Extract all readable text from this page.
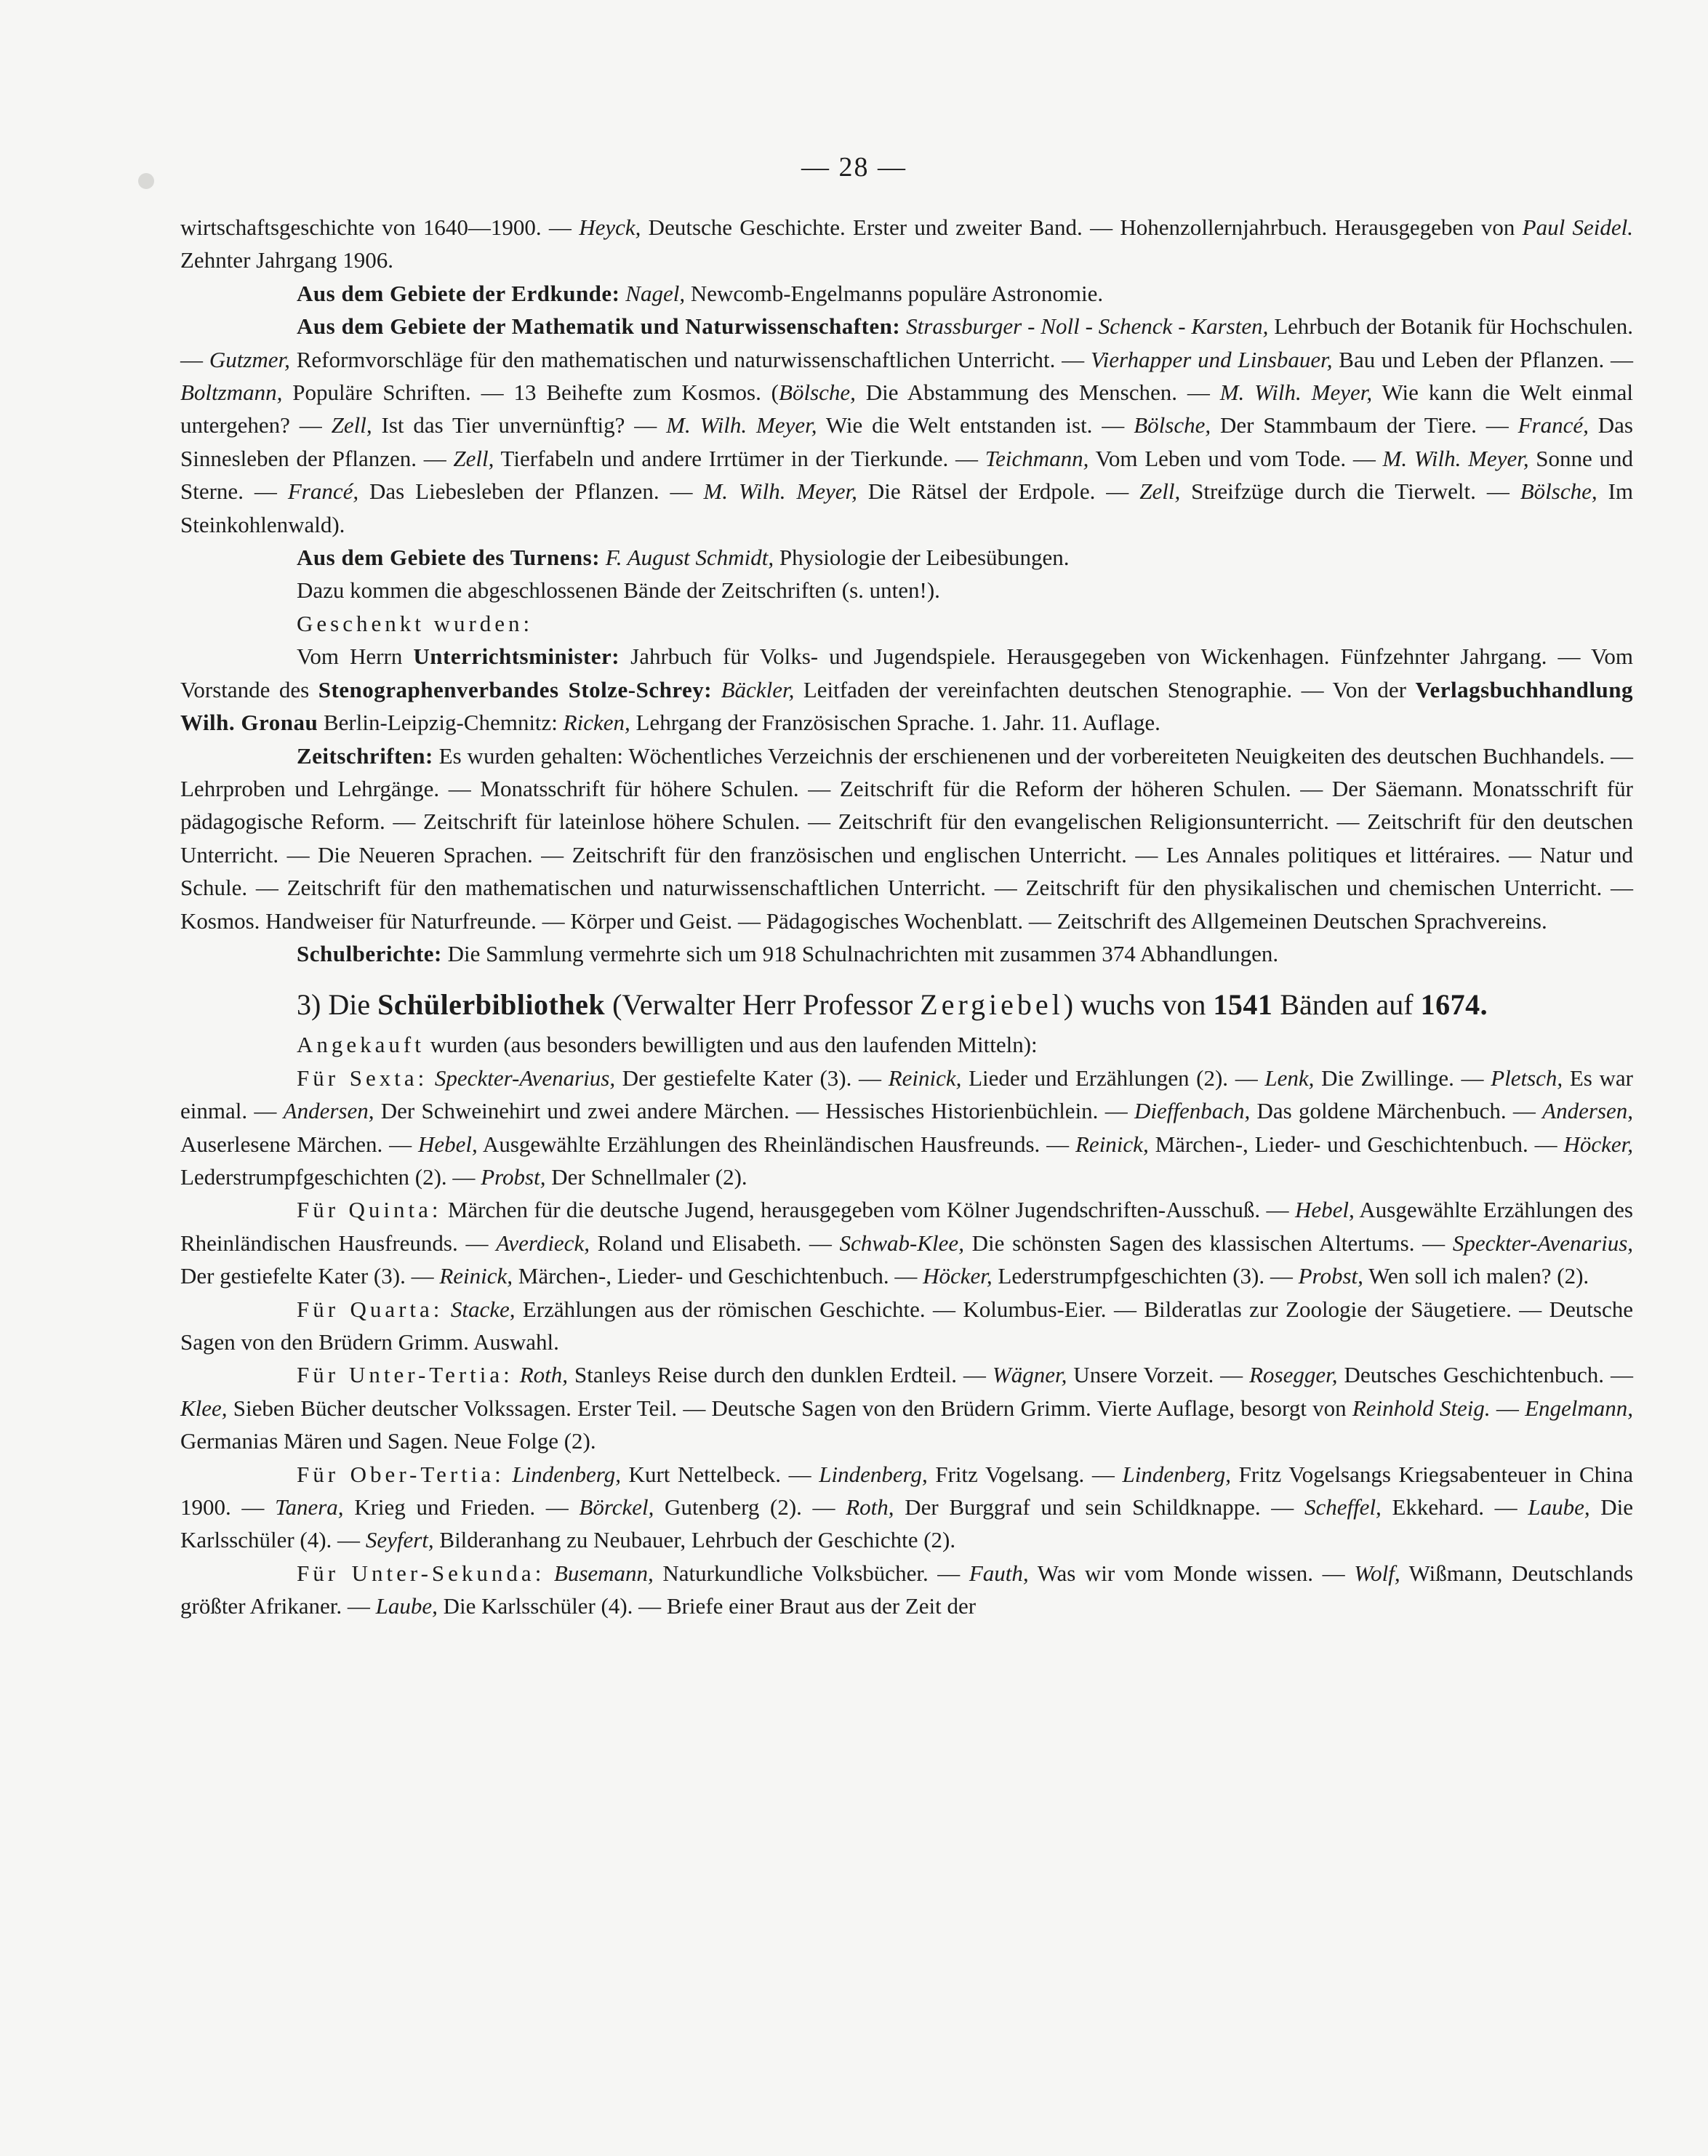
— 28 —

wirtschaftsgeschichte von 1640—1900. — Heyck, Deutsche Geschichte. Erster und zweiter Band. — Hohenzollernjahrbuch. Herausgegeben von Paul Seidel. Zehnter Jahrgang 1906.

Aus dem Gebiete der Erdkunde: Nagel, Newcomb-Engelmanns populäre Astronomie.

Aus dem Gebiete der Mathematik und Naturwissenschaften: Strassburger - Noll - Schenck - Karsten, Lehrbuch der Botanik für Hochschulen. — Gutzmer, Reformvorschläge für den mathematischen und naturwissenschaftlichen Unterricht. — Vierhapper und Linsbauer, Bau und Leben der Pflanzen. — Boltzmann, Populäre Schriften. — 13 Beihefte zum Kosmos. (Bölsche, Die Abstammung des Menschen. — M. Wilh. Meyer, Wie kann die Welt einmal untergehen? — Zell, Ist das Tier unvernünftig? — M. Wilh. Meyer, Wie die Welt entstanden ist. — Bölsche, Der Stammbaum der Tiere. — Francé, Das Sinnesleben der Pflanzen. — Zell, Tierfabeln und andere Irrtümer in der Tierkunde. — Teichmann, Vom Leben und vom Tode. — M. Wilh. Meyer, Sonne und Sterne. — Francé, Das Liebesleben der Pflanzen. — M. Wilh. Meyer, Die Rätsel der Erdpole. — Zell, Streifzüge durch die Tierwelt. — Bölsche, Im Steinkohlenwald).

Aus dem Gebiete des Turnens: F. August Schmidt, Physiologie der Leibesübungen.

Dazu kommen die abgeschlossenen Bände der Zeitschriften (s. unten!).

Geschenkt wurden:

Vom Herrn Unterrichtsminister: Jahrbuch für Volks- und Jugendspiele. Herausgegeben von Wickenhagen. Fünfzehnter Jahrgang. — Vom Vorstande des Stenographenverbandes Stolze-Schrey: Bäckler, Leitfaden der vereinfachten deutschen Stenographie. — Von der Verlagsbuchhandlung Wilh. Gronau Berlin-Leipzig-Chemnitz: Ricken, Lehrgang der Französischen Sprache. 1. Jahr. 11. Auflage.

Zeitschriften: Es wurden gehalten: Wöchentliches Verzeichnis der erschienenen und der vorbereiteten Neuigkeiten des deutschen Buchhandels. — Lehrproben und Lehrgänge. — Monatsschrift für höhere Schulen. — Zeitschrift für die Reform der höheren Schulen. — Der Säemann. Monatsschrift für pädagogische Reform. — Zeitschrift für lateinlose höhere Schulen. — Zeitschrift für den evangelischen Religionsunterricht. — Zeitschrift für den deutschen Unterricht. — Die Neueren Sprachen. — Zeitschrift für den französischen und englischen Unterricht. — Les Annales politiques et littéraires. — Natur und Schule. — Zeitschrift für den mathematischen und naturwissenschaftlichen Unterricht. — Zeitschrift für den physikalischen und chemischen Unterricht. — Kosmos. Handweiser für Naturfreunde. — Körper und Geist. — Pädagogisches Wochenblatt. — Zeitschrift des Allgemeinen Deutschen Sprachvereins.

Schulberichte: Die Sammlung vermehrte sich um 918 Schulnachrichten mit zusammen 374 Abhandlungen.

3) Die Schülerbibliothek (Verwalter Herr Professor Zergiebel) wuchs von 1541 Bänden auf 1674.

Angekauft wurden (aus besonders bewilligten und aus den laufenden Mitteln):

Für Sexta: Speckter-Avenarius, Der gestiefelte Kater (3). — Reinick, Lieder und Erzählungen (2). — Lenk, Die Zwillinge. — Pletsch, Es war einmal. — Andersen, Der Schweinehirt und zwei andere Märchen. — Hessisches Historienbüchlein. — Dieffenbach, Das goldene Märchenbuch. — Andersen, Auserlesene Märchen. — Hebel, Ausgewählte Erzählungen des Rheinländischen Hausfreunds. — Reinick, Märchen-, Lieder- und Geschichtenbuch. — Höcker, Lederstrumpfgeschichten (2). — Probst, Der Schnellmaler (2).

Für Quinta: Märchen für die deutsche Jugend, herausgegeben vom Kölner Jugendschriften-Ausschuß. — Hebel, Ausgewählte Erzählungen des Rheinländischen Hausfreunds. — Averdieck, Roland und Elisabeth. — Schwab-Klee, Die schönsten Sagen des klassischen Altertums. — Speckter-Avenarius, Der gestiefelte Kater (3). — Reinick, Märchen-, Lieder- und Geschichtenbuch. — Höcker, Lederstrumpfgeschichten (3). — Probst, Wen soll ich malen? (2).

Für Quarta: Stacke, Erzählungen aus der römischen Geschichte. — Kolumbus-Eier. — Bilderatlas zur Zoologie der Säugetiere. — Deutsche Sagen von den Brüdern Grimm. Auswahl.

Für Unter-Tertia: Roth, Stanleys Reise durch den dunklen Erdteil. — Wägner, Unsere Vorzeit. — Rosegger, Deutsches Geschichtenbuch. — Klee, Sieben Bücher deutscher Volkssagen. Erster Teil. — Deutsche Sagen von den Brüdern Grimm. Vierte Auflage, besorgt von Reinhold Steig. — Engelmann, Germanias Mären und Sagen. Neue Folge (2).

Für Ober-Tertia: Lindenberg, Kurt Nettelbeck. — Lindenberg, Fritz Vogelsang. — Lindenberg, Fritz Vogelsangs Kriegsabenteuer in China 1900. — Tanera, Krieg und Frieden. — Börckel, Gutenberg (2). — Roth, Der Burggraf und sein Schildknappe. — Scheffel, Ekkehard. — Laube, Die Karlsschüler (4). — Seyfert, Bilderanhang zu Neubauer, Lehrbuch der Geschichte (2).

Für Unter-Sekunda: Busemann, Naturkundliche Volksbücher. — Fauth, Was wir vom Monde wissen. — Wolf, Wißmann, Deutschlands größter Afrikaner. — Laube, Die Karlsschüler (4). — Briefe einer Braut aus der Zeit der
